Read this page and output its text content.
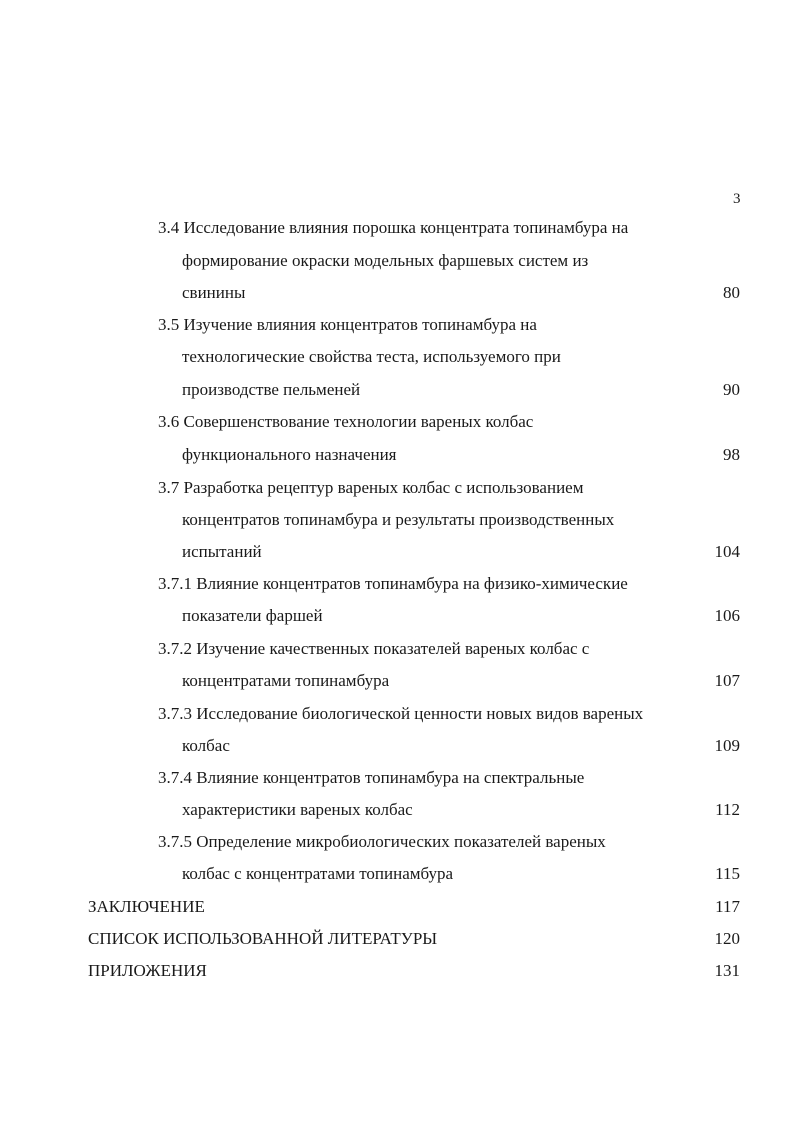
3
3.4 Исследование влияния порошка концентрата топинамбура на
формирование окраски модельных фаршевых систем из
свинины	80
3.5 Изучение влияния концентратов топинамбура на
технологические свойства теста, используемого при
производстве пельменей	90
3.6 Совершенствование технологии вареных колбас
функционального назначения	98
3.7 Разработка рецептур вареных колбас с использованием
концентратов топинамбура и результаты производственных
испытаний	104
3.7.1 Влияние концентратов топинамбура на физико-химические
показатели фаршей	106
3.7.2 Изучение качественных показателей вареных колбас с
концентратами топинамбура	107
3.7.3 Исследование биологической ценности новых видов вареных
колбас	109
3.7.4 Влияние концентратов топинамбура на спектральные
характеристики вареных колбас	112
3.7.5 Определение микробиологических показателей вареных
колбас с концентратами топинамбура	115
ЗАКЛЮЧЕНИЕ	117
СПИСОК ИСПОЛЬЗОВАННОЙ ЛИТЕРАТУРЫ	120
ПРИЛОЖЕНИЯ	131
